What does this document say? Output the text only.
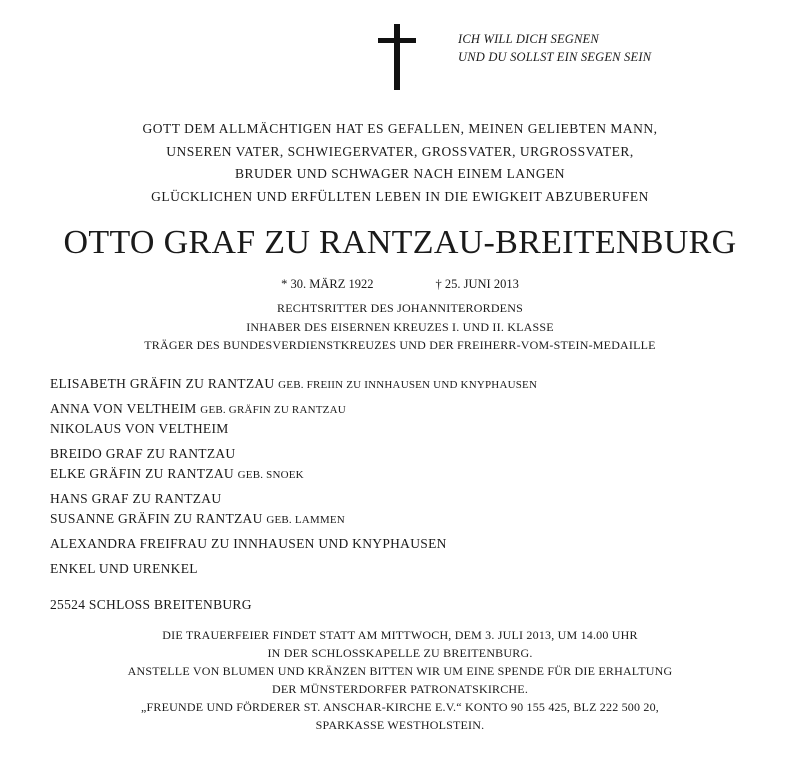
ICH WILL DICH SEGNEN
UND DU SOLLST EIN SEGEN SEIN
GOTT DEM ALLMÄCHTIGEN HAT ES GEFALLEN, MEINEN GELIEBTEN MANN,
UNSEREN VATER, SCHWIEGERVATER, GROSSVATER, URGROSSVATER,
BRUDER UND SCHWAGER NACH EINEM LANGEN
GLÜCKLICHEN UND ERFÜLLTEN LEBEN IN DIE EWIGKEIT ABZUBERUFEN
OTTO GRAF ZU RANTZAU-BREITENBURG
* 30. MÄRZ 1922	† 25. JUNI 2013
RECHTSRITTER DES JOHANNITERORDENS
INHABER DES EISERNEN KREUZES I. UND II. KLASSE
TRÄGER DES BUNDESVERDIENSTKREUZES UND DER FREIHERR-VOM-STEIN-MEDAILLE
ELISABETH GRÄFIN ZU RANTZAU GEB. FREIIN ZU INNHAUSEN UND KNYPHAUSEN
ANNA VON VELTHEIM GEB. GRÄFIN ZU RANTZAU
NIKOLAUS VON VELTHEIM
BREIDO GRAF ZU RANTZAU
ELKE GRÄFIN ZU RANTZAU GEB. SNOEK
HANS GRAF ZU RANTZAU
SUSANNE GRÄFIN ZU RANTZAU GEB. LAMMEN
ALEXANDRA FREIFRAU ZU INNHAUSEN UND KNYPHAUSEN
ENKEL UND URENKEL
25524 SCHLOSS BREITENBURG
DIE TRAUERFEIER FINDET STATT AM MITTWOCH, DEM 3. JULI 2013, UM 14.00 UHR
IN DER SCHLOSSKAPELLE ZU BREITENBURG.
ANSTELLE VON BLUMEN UND KRÄNZEN BITTEN WIR UM EINE SPENDE FÜR DIE ERHALTUNG
DER MÜNSTERDORFER PATRONATSKIRCHE.
„FREUNDE UND FÖRDERER ST. ANSCHAR-KIRCHE E.V.“ KONTO 90 155 425, BLZ 222 500 20,
SPARKASSE WESTHOLSTEIN.
